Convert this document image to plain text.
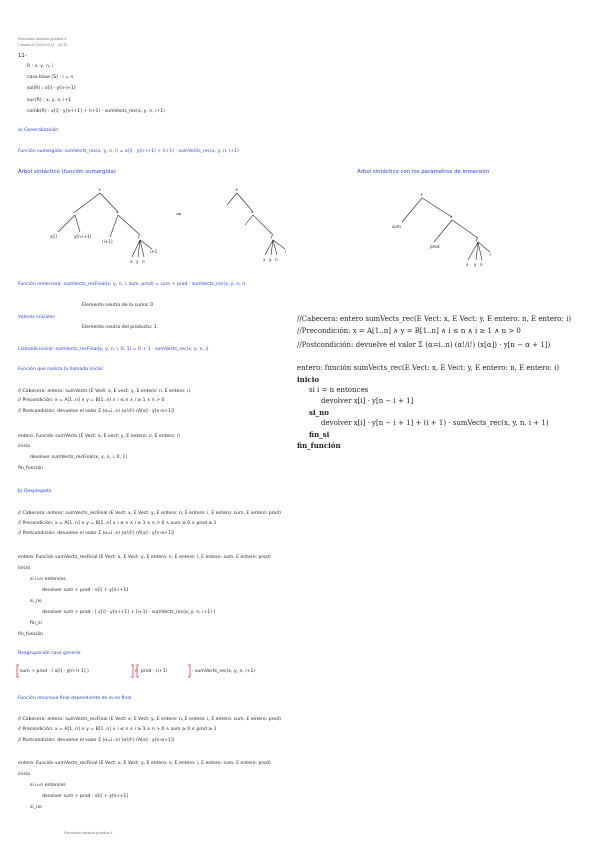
Recursión idealiza práctica 4
Creado el 2024-03-11 - 10:31
11-
R : x, y, n, i
caso base (S) : i = n
sol(R) : x[i] · y[n-i+1]
suc(R) : x, y, n, i+1
comb(R) : x[i] · y[n-i+1] + (i+1) · sumVects_rec(x, y, n, i+1)
a) Generalización
Función sumergida: sumVects_rec(x, y, n, i) = x[i] · y[n-i+1] + (i+1) · sumVects_rec(x, y, n, i+1)
Árbol sintáctico (función sumergida)	Árbol sintáctico con los parámetros de inmersión
+
*	*
x[i]	y[n-i+1]
(i+1)
f
x y n
i+1
⇒
+
*
f
x y n
i
+
sum
*
prod
f
x y n
i
Función inmersora: sumVects_recFinal(x, y, n, i, sum, prod) = sum + prod · sumVects_rec(x, y, n, i)
Valores iniciales
Elemento neutro de la suma: 0
Elemento neutro del producto: 1
Llamada inicial: sumVects_recFinal(x, y, n, i, 0, 1) = 0 + 1 · sumVects_rec(x, y, n, i)
Función que realiza la llamada inicial
// Cabecera: entero: sumVects (E Vect: x, E vect: y, E entero: n, E entero: i)
// Precondición: x = A[1..n] ∧ y = B[1..n] ∧ i ≤ n ∧ i ≥ 1 ∧ n > 0
// Postcondición: devuelve el valor Σ (α=i..n) (α!/i!) (A[α] · y[n-α+1])
entero: Función sumVects (E Vect: x, E vect: y, E entero: n, E entero: i)
inicio
devolver sumVects_recFinal(x, y, n, i, 0, 1)
fin_función
//Cabecera: entero sumVects_rec(E Vect: x, E Vect: y, E entero: n, E entero: i)
//Precondición: x = A[1..n] ∧ y = B[1..n] ∧ i ≤ n ∧ i ≥ 1 ∧ n > 0
//Postcondición: devuelve el valor Σ (α=i..n) (α!/i!) (x[α]) · y[n − α + 1])
entero: función sumVects_rec(E Vect: x, E Vect: y, E entero: n, E entero: i)
inicio
si i = n entonces
devolver x[i] · y[n − i + 1]
si_no
devolver x[i] · y[n − i + 1] + (i + 1) · sumVects_rec(x, y, n, i + 1)
fin_si
fin_función
b) Desplegado
// Cabecera: entero: sumVects_recFinal (E Vect: x, E Vect: y, E entero: n, E entero: i, E entero: sum, E entero: prod)
// Precondición: x = A[1..n] ∧ y = B[1..n] ∧ i ≤ n ∧ i ≥ 1 ∧ n > 0 ∧ sum ≥ 0 ∧ prod ≥ 1
// Postcondición: devuelve el valor Σ (α=i..n) (α!/i!) (A[α] · y[n-α+1])
entero: Función sumVects_recFinal (E Vect: x, E Vect: y, E entero: n, E entero: i, E entero: sum, E entero: prod)
inicio
si i=n entonces
devolver sum + prod · x[i] + y[n-i+1]
si_no
devolver sum + prod · [ x[i] · y[n-i+1] + (i+1) · sumVects_rec(x, y, n, i+1) ]
fin_si
fin_función
Reagrupación caso general
sum + prod · ( x[i] · y[n-i+1] )	+ prod · (i+1)	· sumVects_rec(x, y, n, i+1)
Función recursiva final dependiente de la no final
// Cabecera: entero: sumVects_recFinal (E Vect: x, E Vect: y, E entero: n, E entero: i, E entero: sum, E entero: prod)
// Precondición: x = A[1..n] ∧ y = B[1..n] ∧ i ≤ n ∧ i ≥ 1 ∧ n > 0 ∧ sum ≥ 0 ∧ prod ≥ 1
// Postcondición: devuelve el valor Σ (α=i..n) (α!/i!) (A[α] · y[n-α+1])
entero: Función sumVects_recFinal (E Vect: x, E Vect: y, E entero: n, E entero: i, E entero: sum, E entero: prod)
inicio
si i=n entonces
devolver sum + prod · x[i] + y[n-i+1]
si_no
Recursión idealiza práctica 4
